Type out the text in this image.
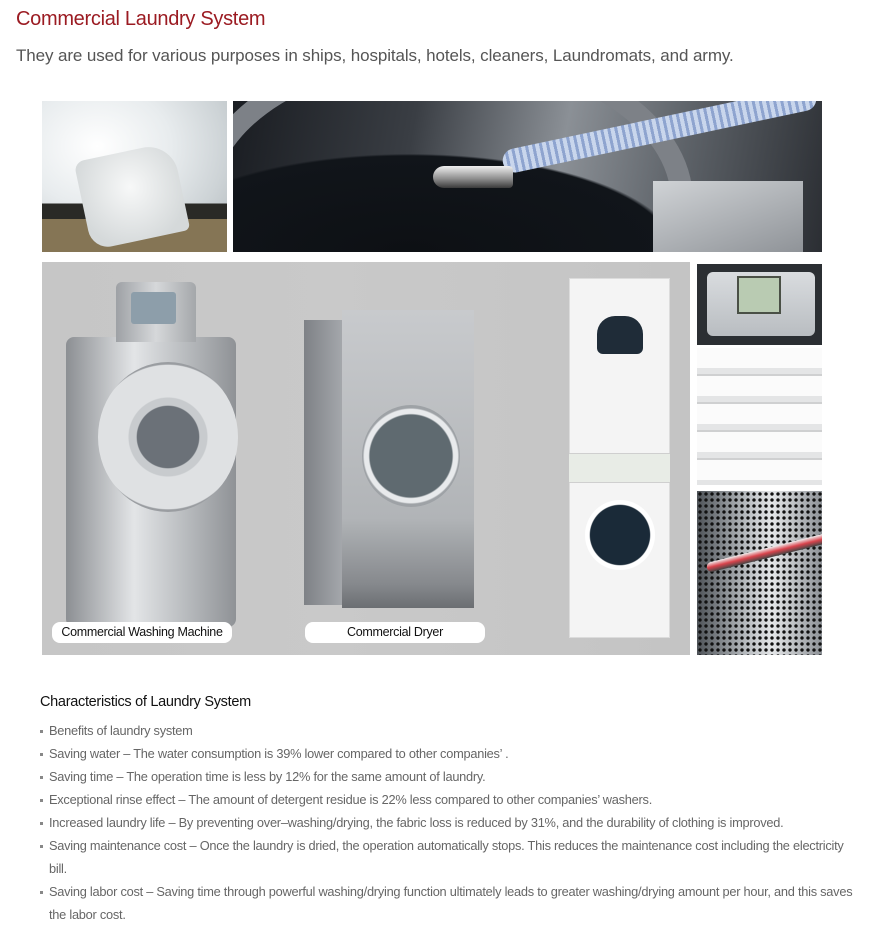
Commercial Laundry System
They are used for various purposes in ships, hospitals, hotels, cleaners, Laundromats, and army.
Commercial Washing Machine	Commercial Dryer
Characteristics of Laundry System
Benefits of laundry system
Saving water – The water consumption is 39% lower compared to other companies’ .
Saving time – The operation time is less by 12% for the same amount of laundry.
Exceptional rinse effect – The amount of detergent residue is 22% less compared to other companies’ washers.
Increased laundry life – By preventing over–washing/drying, the fabric loss is reduced by 31%, and the durability of clothing is improved.
Saving maintenance cost – Once the laundry is dried, the operation automatically stops. This reduces the maintenance cost including the electricity bill.
Saving labor cost – Saving time through powerful washing/drying function ultimately leads to greater washing/drying amount per hour, and this saves the labor cost.
